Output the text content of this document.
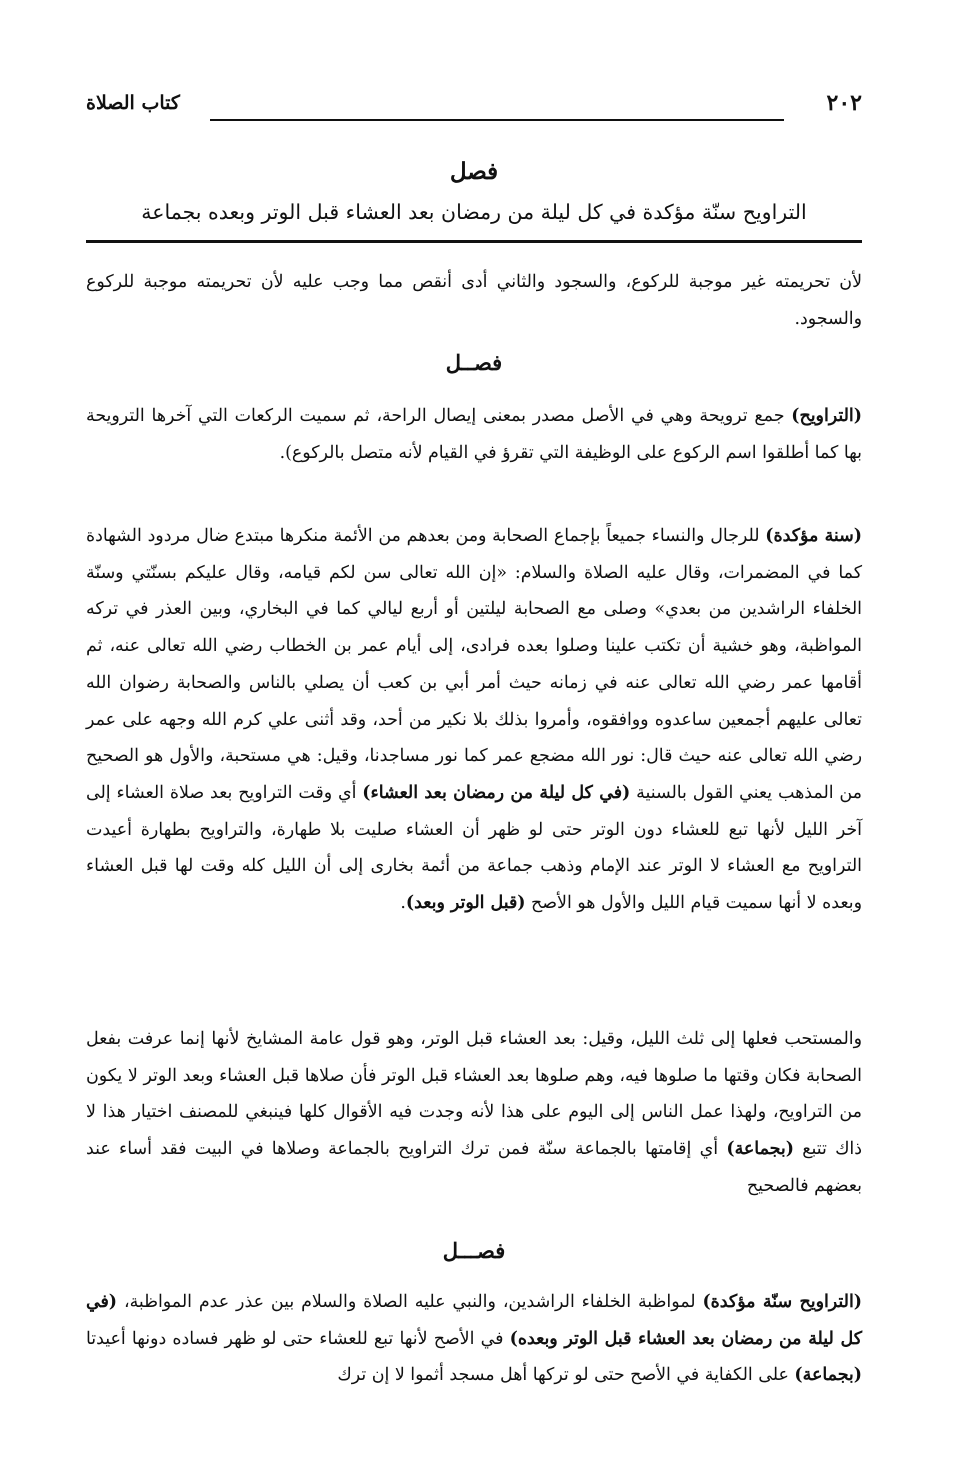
٢٠٢
كتاب الصلاة
فصل
التراويح سنّة مؤكدة في كل ليلة من رمضان بعد العشاء قبل الوتر وبعده بجماعة

لأن تحريمته غير موجبة للركوع، والسجود والثاني أدى أنقص مما وجب عليه لأن تحريمته موجبة للركوع والسجود.

فصــل

(التراويح) جمع ترويحة وهي في الأصل مصدر بمعنى إيصال الراحة، ثم سميت الركعات التي آخرها الترويحة بها كما أطلقوا اسم الركوع على الوظيفة التي تقرؤ في القيام لأنه متصل بالركوع).

(سنة مؤكدة) للرجال والنساء جميعاً بإجماع الصحابة ومن بعدهم من الأئمة منكرها مبتدع ضال مردود الشهادة كما في المضمرات، وقال عليه الصلاة والسلام: «إن الله تعالى سن لكم قيامه، وقال عليكم بسنّتي وسنّة الخلفاء الراشدين من بعدي» وصلى مع الصحابة ليلتين أو أربع ليالي كما في البخاري، وبين العذر في تركه المواظبة، وهو خشية أن تكتب علينا وصلوا بعده فرادى، إلى أيام عمر بن الخطاب رضي الله تعالى عنه، ثم أقامها عمر رضي الله تعالى عنه في زمانه حيث أمر أبي بن كعب أن يصلي بالناس والصحابة رضوان الله تعالى عليهم أجمعين ساعدوه ووافقوه، وأمروا بذلك بلا نكير من أحد، وقد أثنى علي كرم الله وجهه على عمر رضي الله تعالى عنه حيث قال: نور الله مضجع عمر كما نور مساجدنا، وقيل: هي مستحبة، والأول هو الصحيح من المذهب يعني القول بالسنية (في كل ليلة من رمضان بعد العشاء) أي وقت التراويح بعد صلاة العشاء إلى آخر الليل لأنها تبع للعشاء دون الوتر حتى لو ظهر أن العشاء صليت بلا طهارة، والتراويح بطهارة أعيدت التراويح مع العشاء لا الوتر عند الإمام وذهب جماعة من أئمة بخارى إلى أن الليل كله وقت لها قبل العشاء وبعده لا أنها سميت قيام الليل والأول هو الأصح (قبل الوتر وبعد).

والمستحب فعلها إلى ثلث الليل، وقيل: بعد العشاء قبل الوتر، وهو قول عامة المشايخ لأنها إنما عرفت بفعل الصحابة فكان وقتها ما صلوها فيه، وهم صلوها بعد العشاء قبل الوتر فأن صلاها قبل العشاء وبعد الوتر لا يكون من التراويح، ولهذا عمل الناس إلى اليوم على هذا لأنه وجدت فيه الأقوال كلها فينبغي للمصنف اختيار هذا لا ذاك تتبع (بجماعة) أي إقامتها بالجماعة سنّة فمن ترك التراويح بالجماعة وصلاها في البيت فقد أساء عند بعضهم فالصحيح

فصـــل

(التراويح سنّة مؤكدة) لمواظبة الخلفاء الراشدين، والنبي عليه الصلاة والسلام بين عذر عدم المواظبة، (في كل ليلة من رمضان بعد العشاء قبل الوتر وبعده) في الأصح لأنها تبع للعشاء حتى لو ظهر فساده دونها أعيدتا (بجماعة) على الكفاية في الأصح حتى لو تركها أهل مسجد أثموا لا إن ترك
